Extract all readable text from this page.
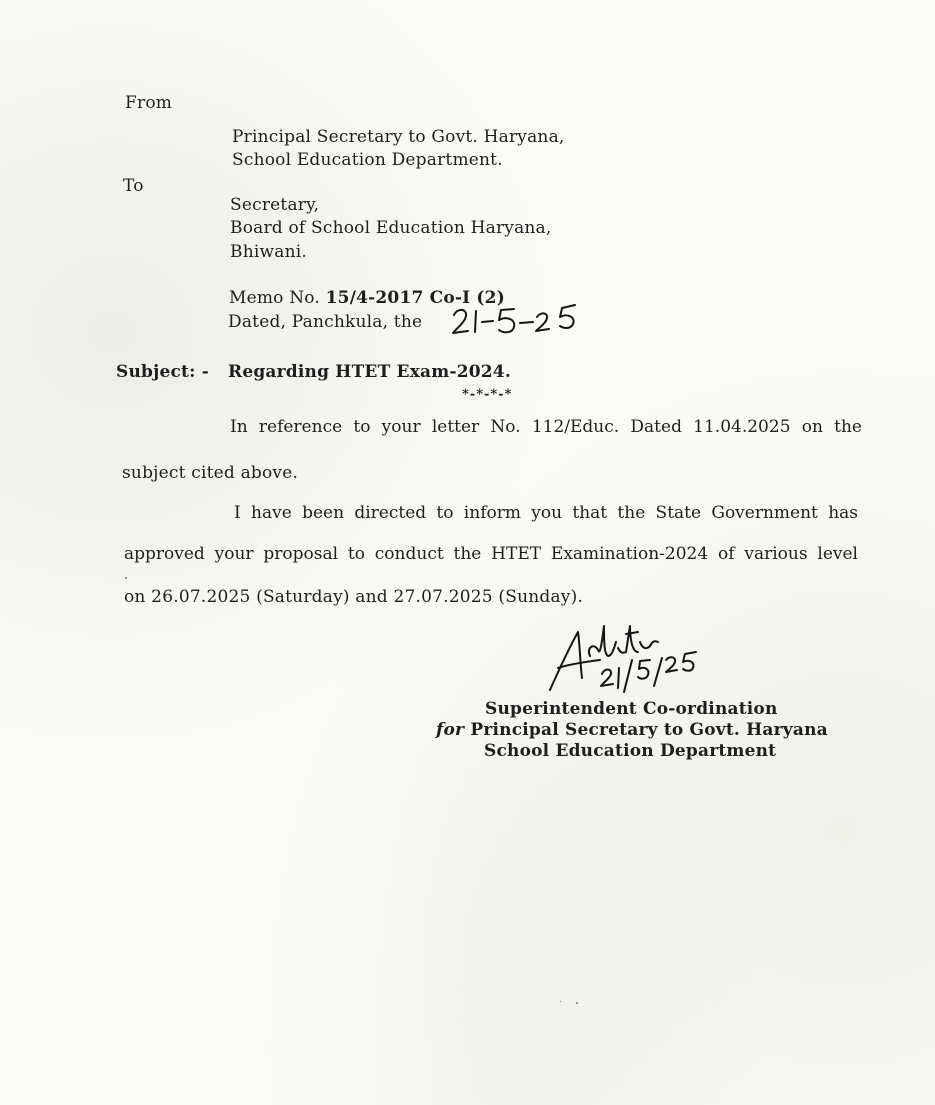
From
Principal Secretary to Govt. Haryana,
School Education Department.
To
Secretary,
Board of School Education Haryana,
Bhiwani.
Memo No. 15/4-2017 Co-I (2)
Dated, Panchkula, the
Subject: - Regarding HTET Exam-2024.
*-*-*-*
In reference to your letter No. 112/Educ. Dated 11.04.2025 on the
subject cited above.
I have been directed to inform you that the State Government has
approved your proposal to conduct the HTET Examination-2024 of various level
on 26.07.2025 (Saturday) and 27.07.2025 (Sunday).
Superintendent Co-ordination
for Principal Secretary to Govt. Haryana
School Education Department
